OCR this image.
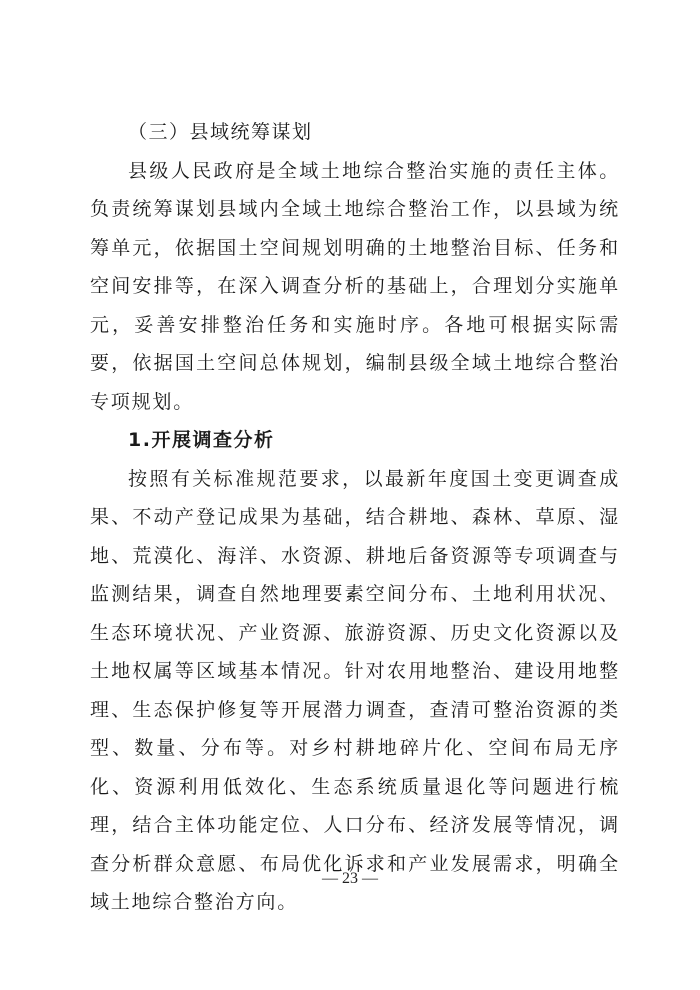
（三）县域统筹谋划

县级人民政府是全域土地综合整治实施的责任主体。负责统筹谋划县域内全域土地综合整治工作，以县域为统筹单元，依据国土空间规划明确的土地整治目标、任务和空间安排等，在深入调查分析的基础上，合理划分实施单元，妥善安排整治任务和实施时序。各地可根据实际需要，依据国土空间总体规划，编制县级全域土地综合整治专项规划。

1.开展调查分析

按照有关标准规范要求，以最新年度国土变更调查成果、不动产登记成果为基础，结合耕地、森林、草原、湿地、荒漠化、海洋、水资源、耕地后备资源等专项调查与监测结果，调查自然地理要素空间分布、土地利用状况、生态环境状况、产业资源、旅游资源、历史文化资源以及土地权属等区域基本情况。针对农用地整治、建设用地整理、生态保护修复等开展潜力调查，查清可整治资源的类型、数量、分布等。对乡村耕地碎片化、空间布局无序化、资源利用低效化、生态系统质量退化等问题进行梳理，结合主体功能定位、人口分布、经济发展等情况，调查分析群众意愿、布局优化诉求和产业发展需求，明确全域土地综合整治方向。

— 23 —
